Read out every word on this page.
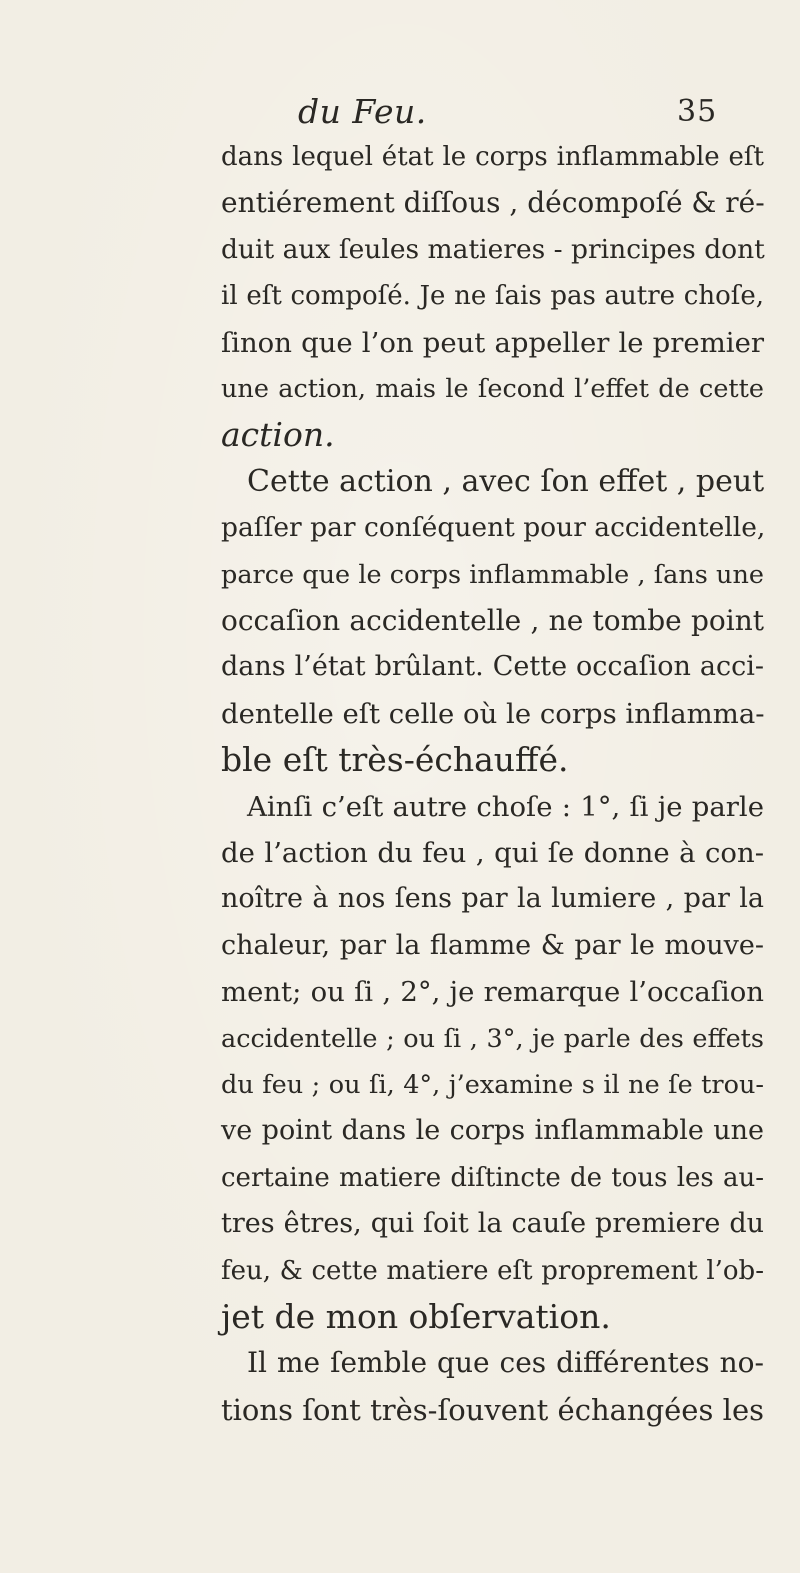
du Feu.	35
dans lequel état le corps inflammable eſt
entiérement diſſous , décompoſé & ré-
duit aux ſeules matieres - principes dont
il eſt compoſé. Je ne ſais pas autre choſe,
ſinon que l’on peut appeller le premier
une action, mais le ſecond l’effet de cette
action.
Cette action , avec ſon effet , peut
paſſer par conſéquent pour accidentelle,
parce que le corps inflammable , ſans une
occaſion accidentelle , ne tombe point
dans l’état brûlant. Cette occaſion acci-
dentelle eſt celle où le corps inflamma-
ble eſt très-échauffé.
Ainſi c’eſt autre choſe : 1°, ſi je parle
de l’action du feu , qui ſe donne à con-
noître à nos ſens par la lumiere , par la
chaleur, par la flamme & par le mouve-
ment; ou ſi , 2°, je remarque l’occaſion
accidentelle ; ou ſi , 3°, je parle des effets
du feu ; ou ſi, 4°, j’examine s il ne ſe trou-
ve point dans le corps inflammable une
certaine matiere diſtincte de tous les au-
tres êtres, qui ſoit la cauſe premiere du
feu, & cette matiere eſt proprement l’ob-
jet de mon obſervation.
Il me ſemble que ces différentes no-
tions ſont très-ſouvent échangées les
